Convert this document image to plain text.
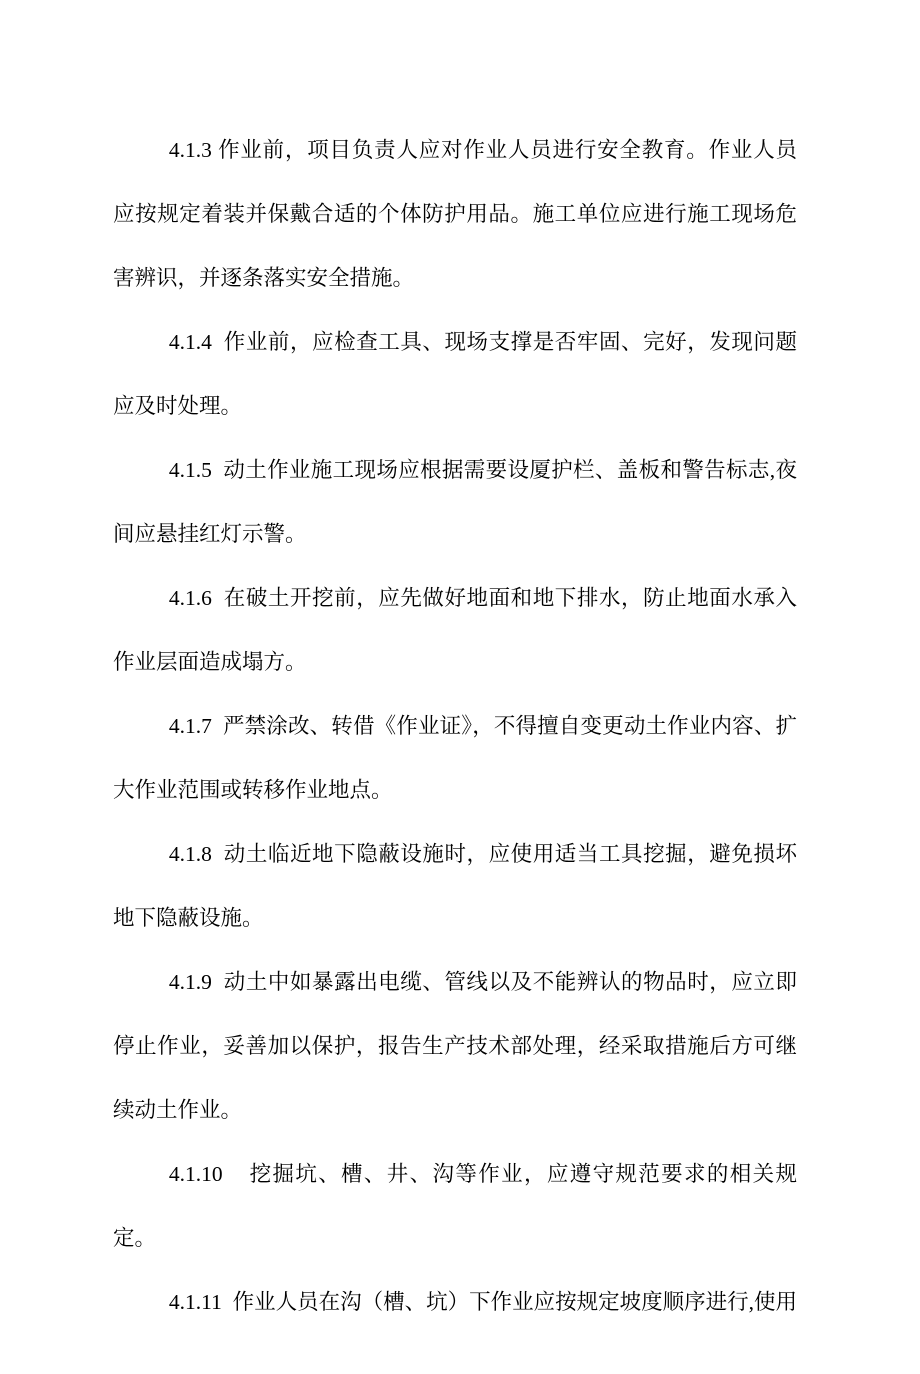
4.1.3 作业前，项目负责人应对作业人员进行安全教育。作业人员应按规定着装并保戴合适的个体防护用品。施工单位应进行施工现场危害辨识，并逐条落实安全措施。

4.1.4  作业前，应检查工具、现场支撑是否牢固、完好，发现问题应及时处理。

4.1.5  动土作业施工现场应根据需要设厦护栏、盖板和警告标志,夜间应悬挂红灯示警。

4.1.6  在破土开挖前，应先做好地面和地下排水，防止地面水承入作业层面造成塌方。

4.1.7  严禁涂改、转借《作业证》，不得擅自变更动土作业内容、扩大作业范围或转移作业地点。

4.1.8  动土临近地下隐蔽设施时，应使用适当工具挖掘，避免损坏地下隐蔽设施。

4.1.9  动土中如暴露出电缆、管线以及不能辨认的物品时，应立即停止作业，妥善加以保护，报告生产技术部处理，经采取措施后方可继续动土作业。

4.1.10    挖掘坑、槽、井、沟等作业，应遵守规范要求的相关规定。

4.1.11  作业人员在沟（槽、坑）下作业应按规定坡度顺序进行,使用
